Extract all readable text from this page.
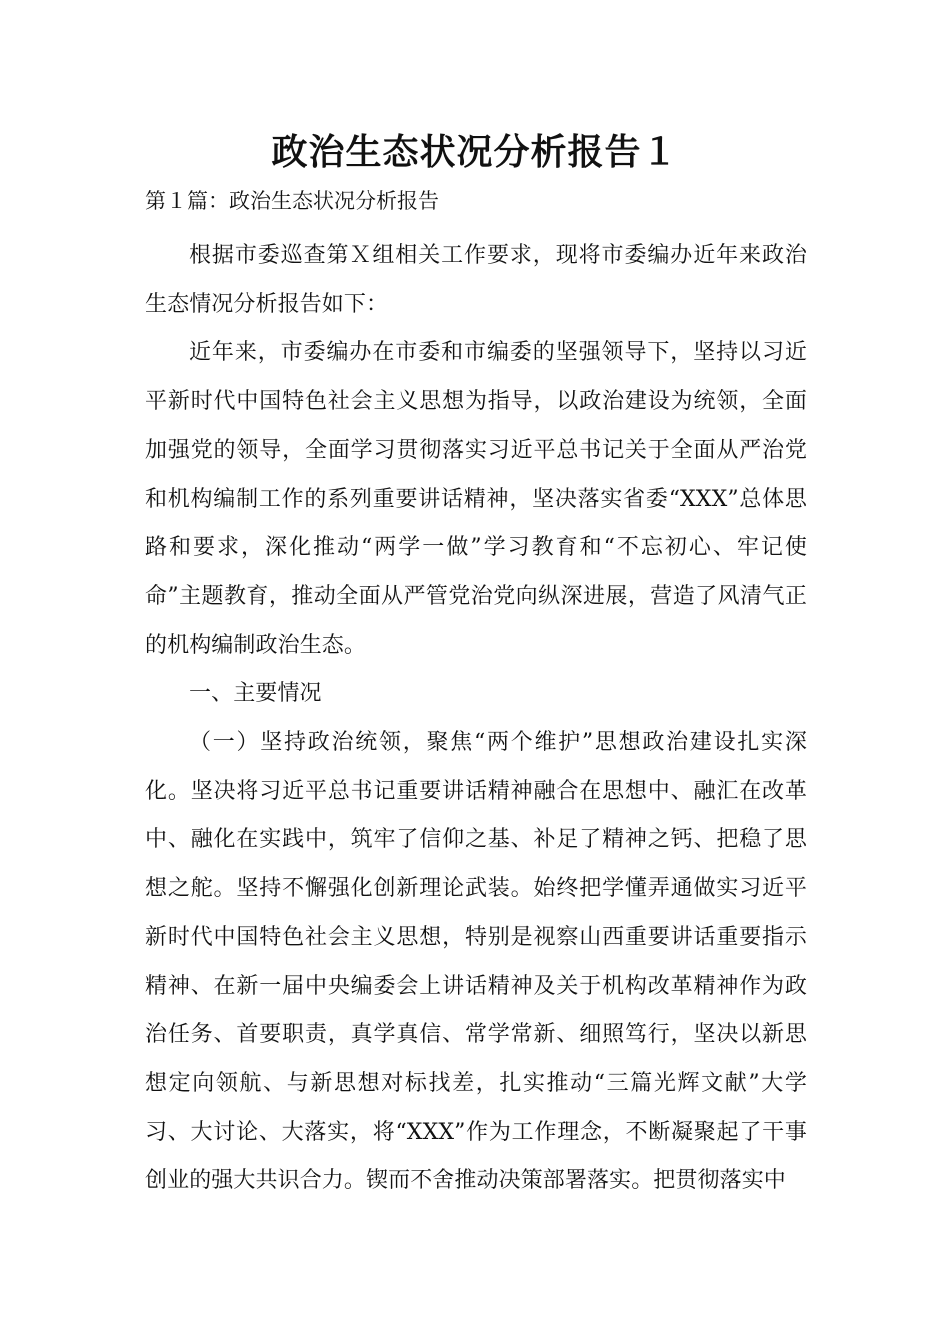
政治生态状况分析报告１

第１篇：政治生态状况分析报告

根据市委巡查第Ｘ组相关工作要求，现将市委编办近年来政治生态情况分析报告如下：

近年来，市委编办在市委和市编委的坚强领导下，坚持以习近平新时代中国特色社会主义思想为指导，以政治建设为统领，全面加强党的领导，全面学习贯彻落实习近平总书记关于全面从严治党和机构编制工作的系列重要讲话精神，坚决落实省委“XXX”总体思路和要求，深化推动“两学一做”学习教育和“不忘初心、牢记使命”主题教育，推动全面从严管党治党向纵深进展，营造了风清气正的机构编制政治生态。

一、主要情况

（一）坚持政治统领，聚焦“两个维护”思想政治建设扎实深化。坚决将习近平总书记重要讲话精神融合在思想中、融汇在改革中、融化在实践中，筑牢了信仰之基、补足了精神之钙、把稳了思想之舵。坚持不懈强化创新理论武装。始终把学懂弄通做实习近平新时代中国特色社会主义思想，特别是视察山西重要讲话重要指示精神、在新一届中央编委会上讲话精神及关于机构改革精神作为政治任务、首要职责，真学真信、常学常新、细照笃行，坚决以新思想定向领航、与新思想对标找差，扎实推动“三篇光辉文献”大学习、大讨论、大落实，将“XXX”作为工作理念，不断凝聚起了干事创业的强大共识合力。锲而不舍推动决策部署落实。把贯彻落实中
